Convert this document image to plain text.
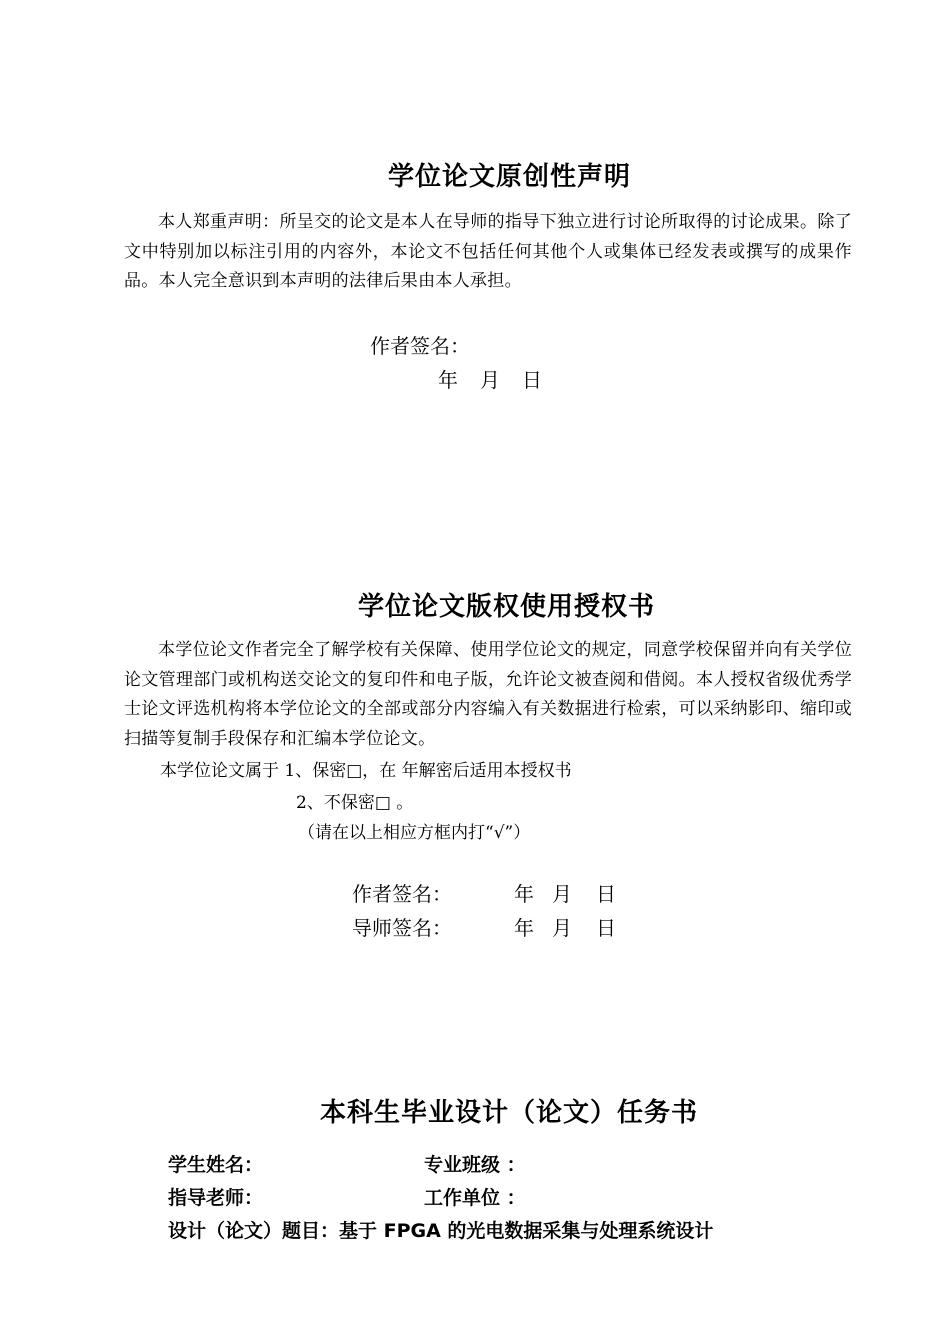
学位论文原创性声明
本人郑重声明：所呈交的论文是本人在导师的指导下独立进行讨论所取得的讨论成果。除了文中特别加以标注引用的内容外，本论文不包括任何其他个人或集体已经发表或撰写的成果作品。本人完全意识到本声明的法律后果由本人承担。
作者签名：
年 月 日
学位论文版权使用授权书
本学位论文作者完全了解学校有关保障、使用学位论文的规定，同意学校保留并向有关学位论文管理部门或机构送交论文的复印件和电子版，允许论文被查阅和借阅。本人授权省级优秀学士论文评选机构将本学位论文的全部或部分内容编入有关数据进行检索，可以采纳影印、缩印或扫描等复制手段保存和汇编本学位论文。
本学位论文属于 1、保密□，在 年解密后适用本授权书
2、不保密□ 。
（请在以上相应方框内打“√”）
作者签名：	年 月 日
导师签名：	年 月 日
本科生毕业设计（论文）任务书
学生姓名：	专业班级 ：
指导老师：	工作单位 ：
设计（论文）题目：基于 FPGA 的光电数据采集与处理系统设计
